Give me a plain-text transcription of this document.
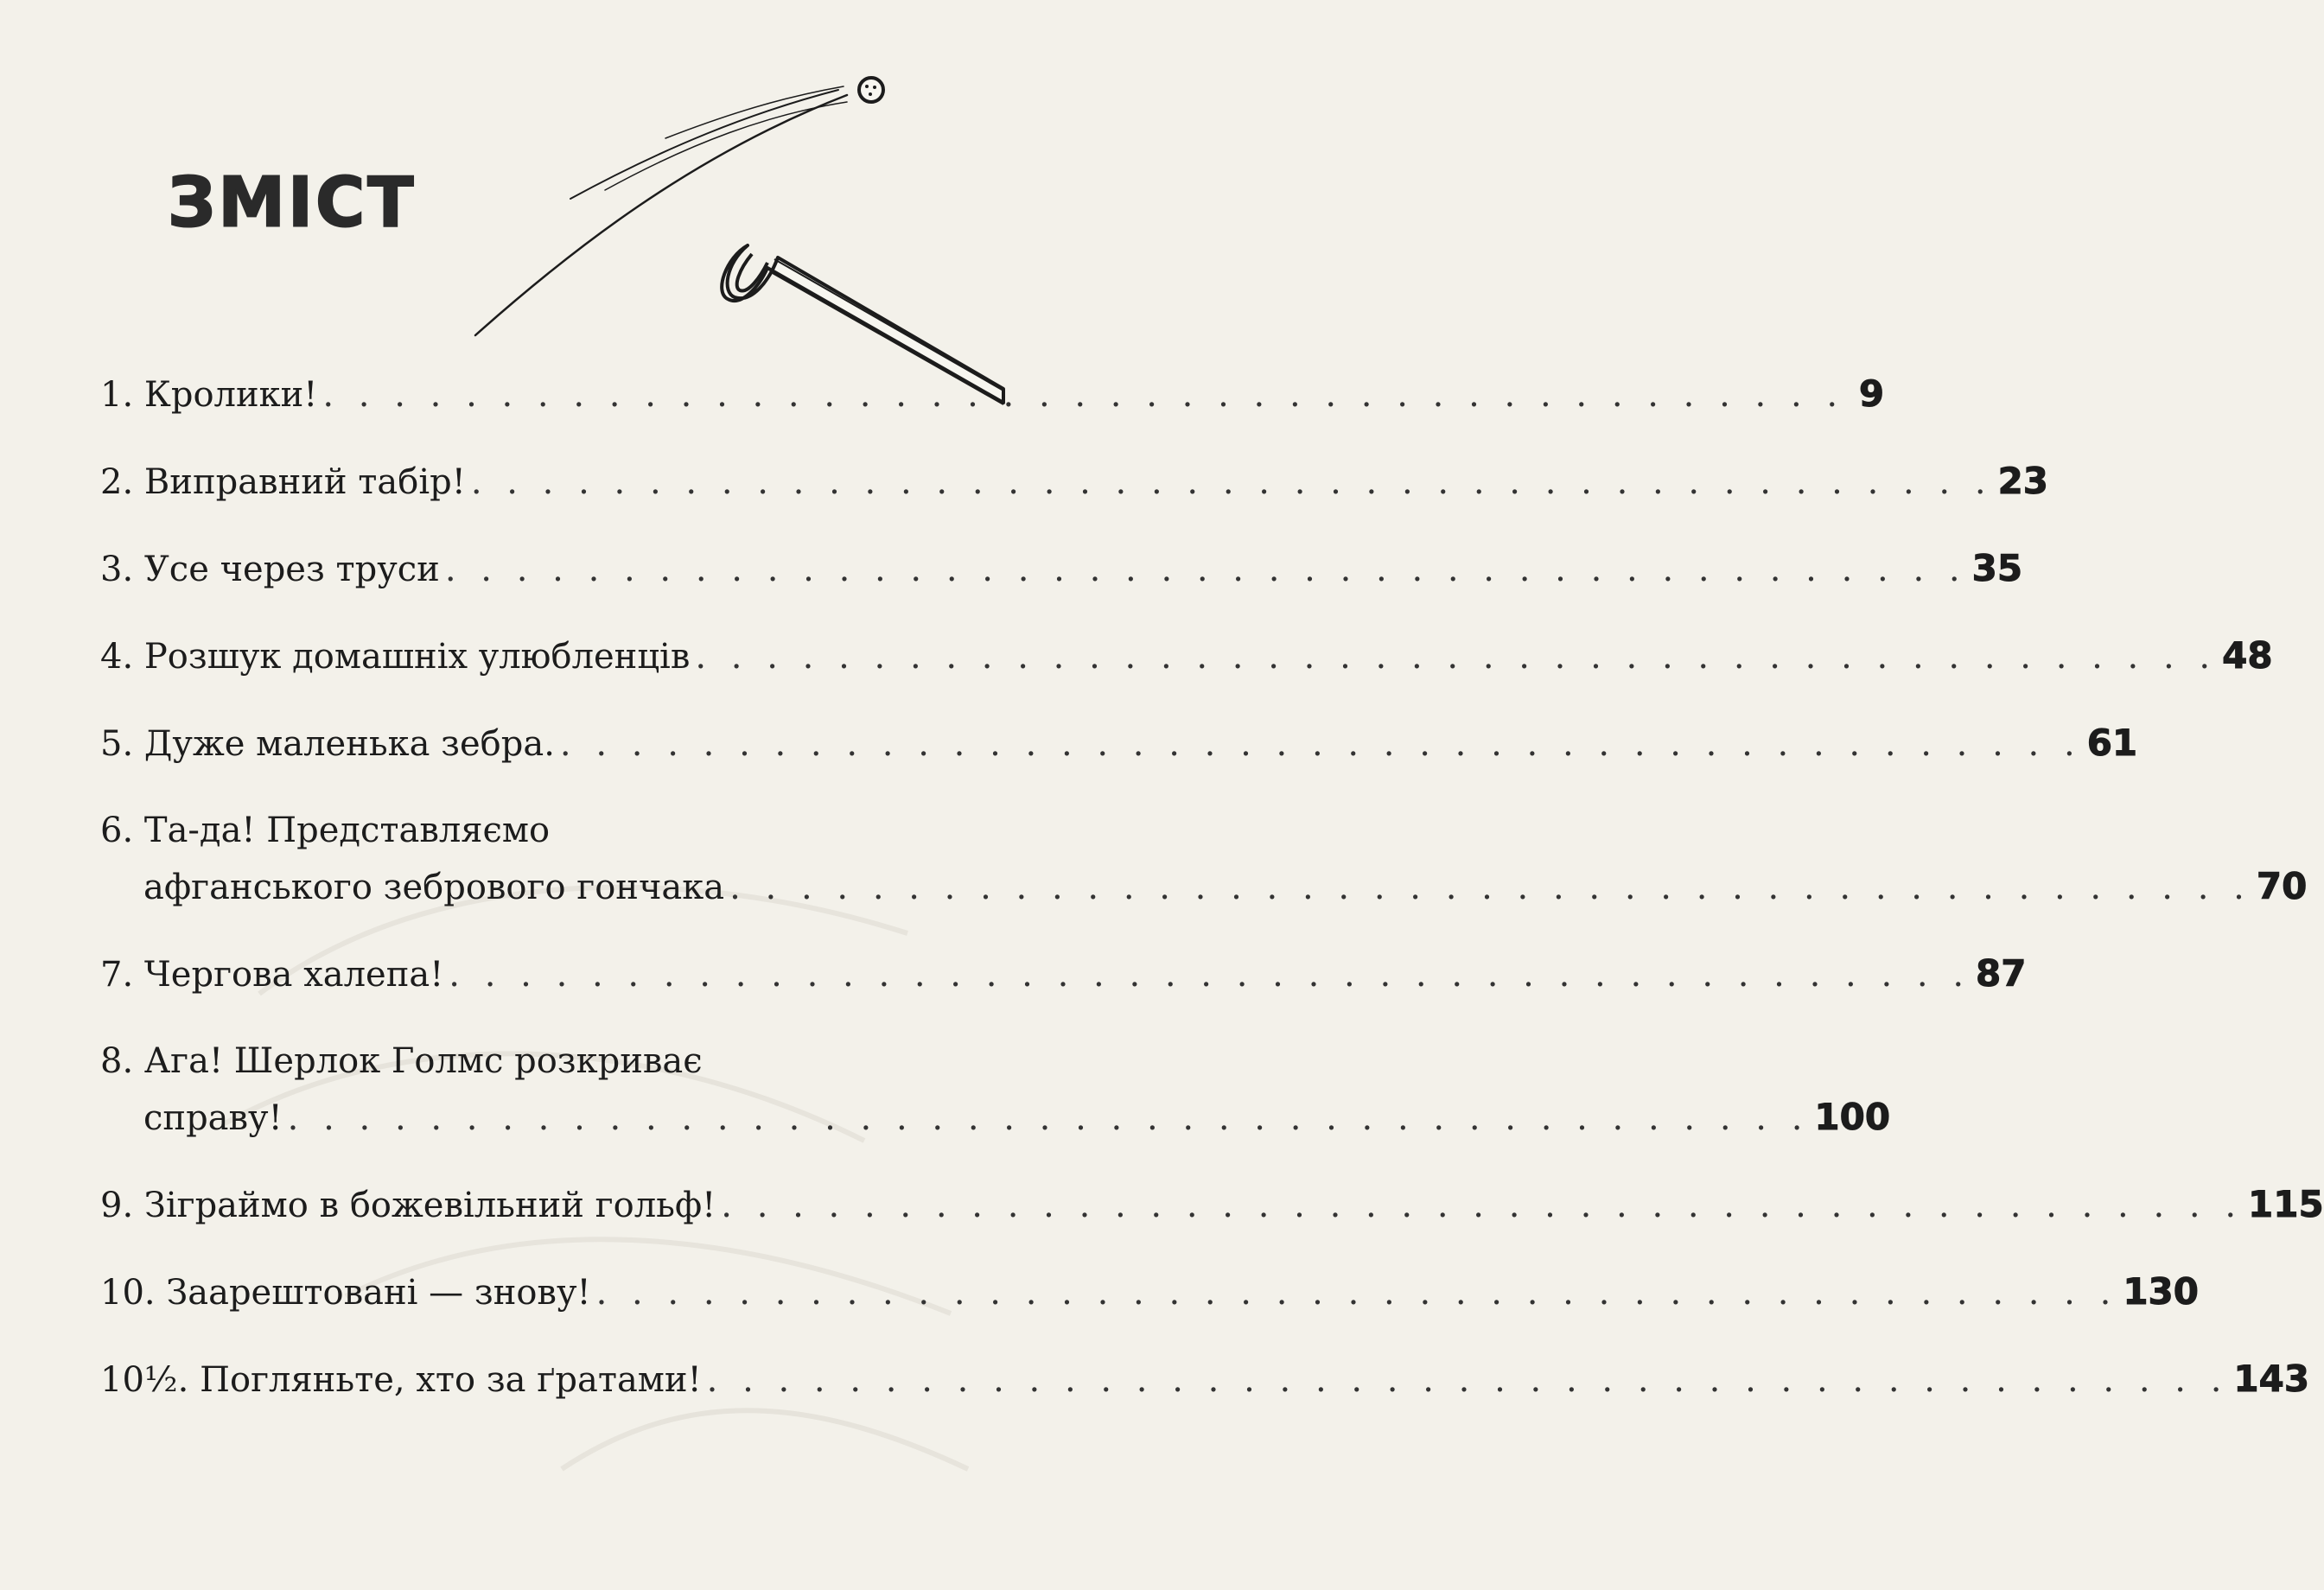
ЗМІСТ
1. Кролики! . . . . . . . . . . . . . . . . . . . . . . . . . . . . . . . . . . . . . . . . . . . 9
2. Виправний табір! . . . . . . . . . . . . . . . . . . . . . . . . . . . . . . . . . . . . . . . . . . . 23
3. Усе через труси . . . . . . . . . . . . . . . . . . . . . . . . . . . . . . . . . . . . . . . . . . . 35
4. Розшук домашніх улюбленців . . . . . . . . . . . . . . . . . . . . . . . . . . . . . . . . . . . . . . . . . . . 48
5. Дуже маленька зебра. . . . . . . . . . . . . . . . . . . . . . . . . . . . . . . . . . . . . . . . . . . . 61
6. Та-да! Представляємо
афганського зебрового гончака . . . . . . . . . . . . . . . . . . . . . . . . . . . . . . . . . . . . . . . . . . . 70
7. Чергова халепа! . . . . . . . . . . . . . . . . . . . . . . . . . . . . . . . . . . . . . . . . . . . 87
8. Ага! Шерлок Голмс розкриває
справу! . . . . . . . . . . . . . . . . . . . . . . . . . . . . . . . . . . . . . . . . . . . 100
9. Зіграймо в божевільний гольф! . . . . . . . . . . . . . . . . . . . . . . . . . . . . . . . . . . . . . . . . . . . 115
10. Заарештовані — знову! . . . . . . . . . . . . . . . . . . . . . . . . . . . . . . . . . . . . . . . . . . . 130
10½. Погляньте, хто за ґратами! . . . . . . . . . . . . . . . . . . . . . . . . . . . . . . . . . . . . . . . . . . . 143
